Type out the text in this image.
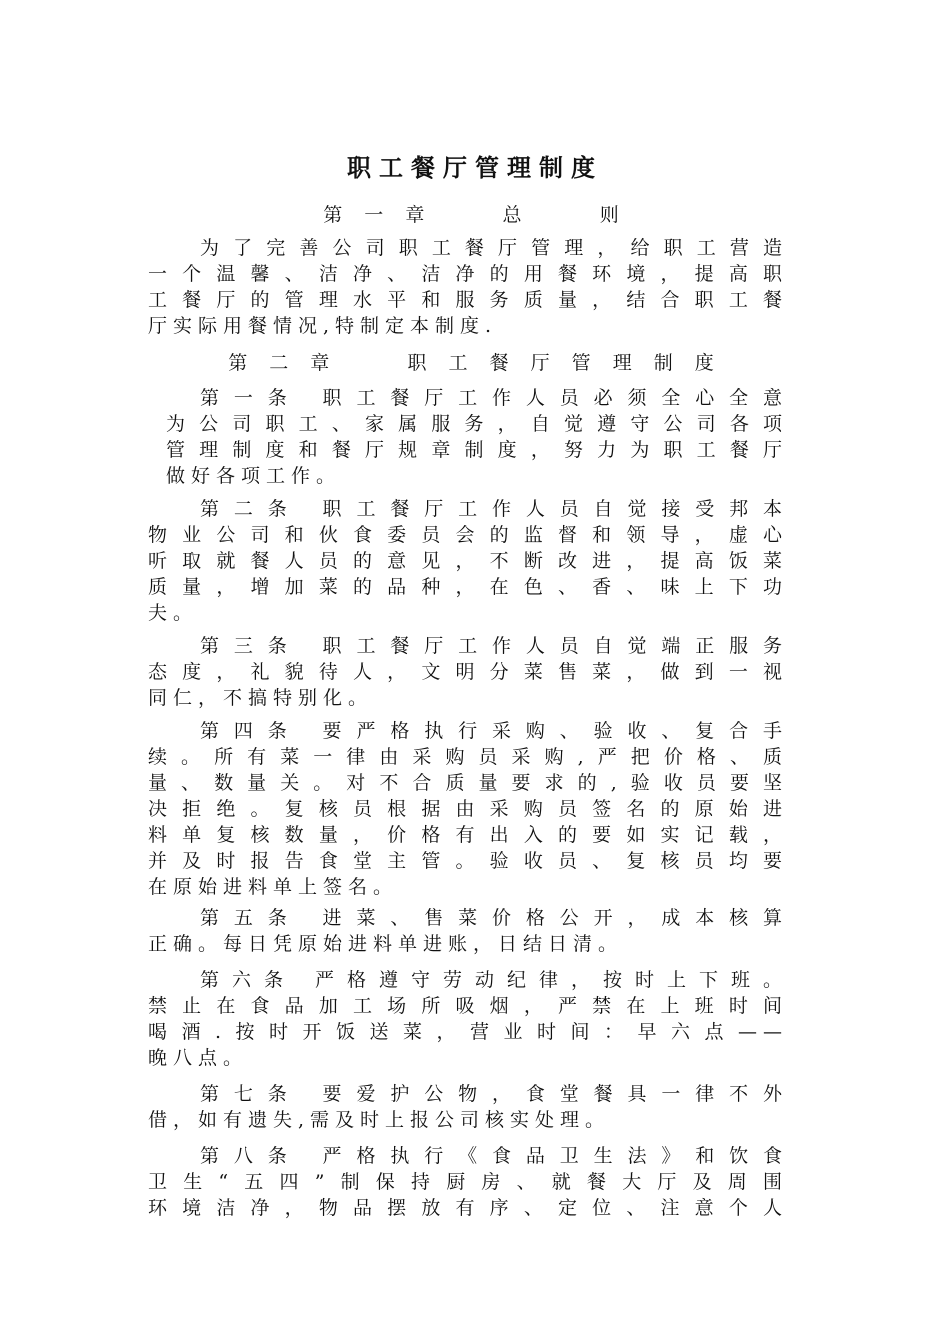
职工餐厅管理制度
第 一 章     总     则
为了完善公司职工餐厅管理，给职工营造
一个温馨、洁净、洁净的用餐环境，提高职
工餐厅的管理水平和服务质量，结合职工餐
厅实际用餐情况,特制定本制度.
第 二 章     职 工 餐 厅 管 理 制 度
第一条 职工餐厅工作人员必须全心全意
为公司职工、家属服务，自觉遵守公司各项
管理制度和餐厅规章制度，努力为职工餐厅
做好各项工作。
第二条 职工餐厅工作人员自觉接受邦本
物业公司和伙食委员会的监督和领导，虚心
听取就餐人员的意见，不断改进，提高饭菜
质量，增加菜的品种，在色、香、味上下功
夫。
第三条 职工餐厅工作人员自觉端正服务
态度，礼貌待人，文明分菜售菜，做到一视
同仁，不搞特别化。
第四条 要严格执行采购、验收、复合手
续。所有菜一律由采购员采购,严把价格、质
量、数量关。对不合质量要求的,验收员要坚
决拒绝。复核员根据由采购员签名的原始进
料单复核数量，价格有出入的要如实记载，
并及时报告食堂主管。验收员、复核员均要
在原始进料单上签名。
第五条 进菜、售菜价格公开，成本核算
正确。每日凭原始进料单进账，日结日清。
第六条 严格遵守劳动纪律，按时上下班。
禁止在食品加工场所吸烟，严禁在上班时间
喝酒.按时开饭送菜，营业时间：早六点——
晚八点。
第七条 要爱护公物，食堂餐具一律不外
借，如有遗失,需及时上报公司核实处理。
第八条 严格执行《食品卫生法》和饮食
卫生“五四”制保持厨房、就餐大厅及周围
环境洁净，物品摆放有序、定位、注意个人
